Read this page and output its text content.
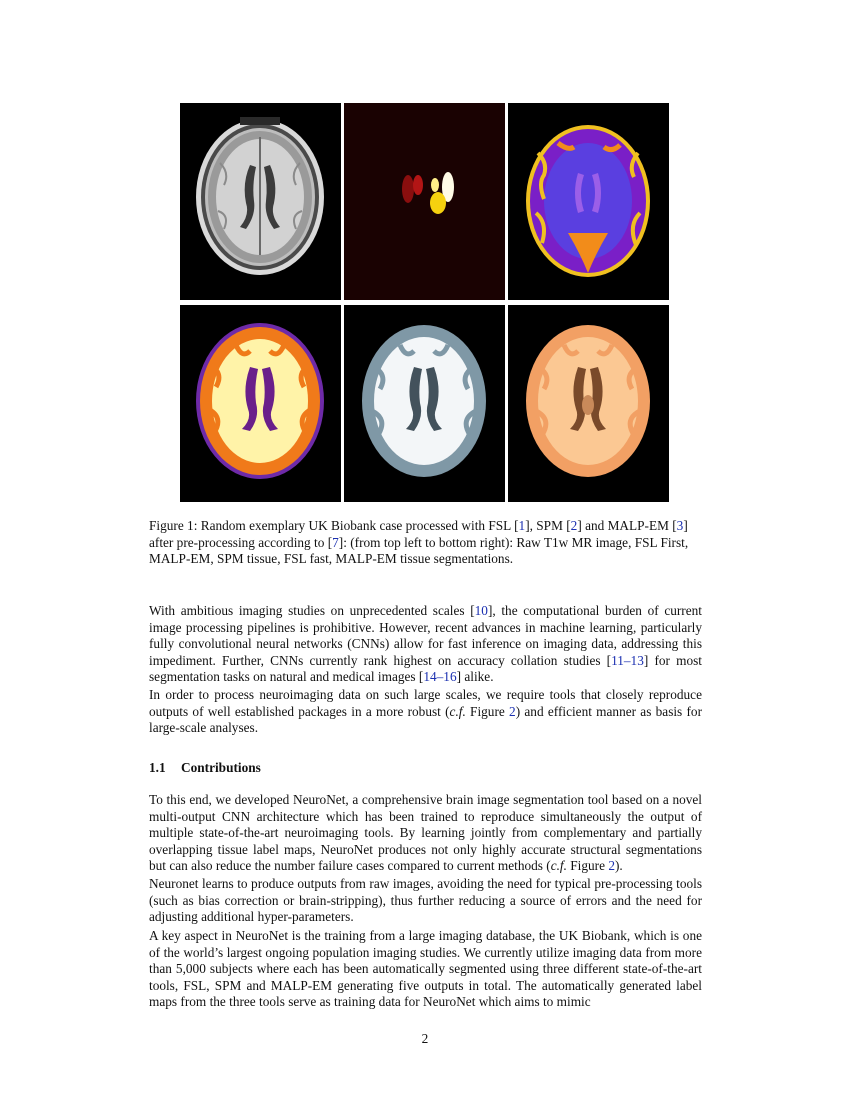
Figure 1: Random exemplary UK Biobank case processed with FSL [1], SPM [2] and MALP-EM [3] after pre-processing according to [7]: (from top left to bottom right): Raw T1w MR image, FSL First, MALP-EM, SPM tissue, FSL fast, MALP-EM tissue segmentations.

With ambitious imaging studies on unprecedented scales [10], the computational burden of current image processing pipelines is prohibitive. However, recent advances in machine learning, particularly fully convolutional neural networks (CNNs) allow for fast inference on imaging data, addressing this impediment. Further, CNNs currently rank highest on accuracy collation studies [11–13] for most segmentation tasks on natural and medical images [14–16] alike.

In order to process neuroimaging data on such large scales, we require tools that closely reproduce outputs of well established packages in a more robust (c.f. Figure 2) and efficient manner as basis for large-scale analyses.

1.1 Contributions

To this end, we developed NeuroNet, a comprehensive brain image segmentation tool based on a novel multi-output CNN architecture which has been trained to reproduce simultaneously the output of multiple state-of-the-art neuroimaging tools. By learning jointly from complementary and partially overlapping tissue label maps, NeuroNet produces not only highly accurate structural segmentations but can also reduce the number failure cases compared to current methods (c.f. Figure 2).

Neuronet learns to produce outputs from raw images, avoiding the need for typical pre-processing tools (such as bias correction or brain-stripping), thus further reducing a source of errors and the need for adjusting additional hyper-parameters.

A key aspect in NeuroNet is the training from a large imaging database, the UK Biobank, which is one of the world’s largest ongoing population imaging studies. We currently utilize imaging data from more than 5,000 subjects where each has been automatically segmented using three different state-of-the-art tools, FSL, SPM and MALP-EM generating five outputs in total. The automatically generated label maps from the three tools serve as training data for NeuroNet which aims to mimic

2
